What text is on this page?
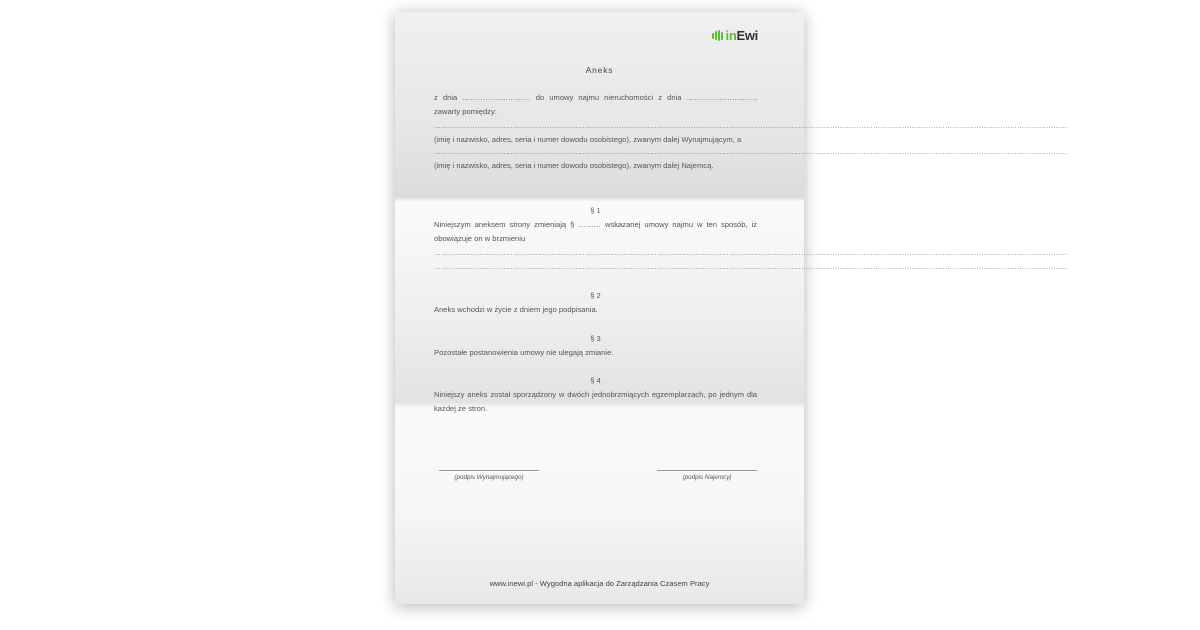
inEwi
Aneks
z dnia ……………………… do umowy najmu nieruchomości z dnia ………………………,
zawarty pomiędzy:
…………………………………………………………………………………………………………………………………………………………………………………………………………………………………………
(imię i nazwisko, adres, seria i numer dowodu osobistego), zwanym dalej Wynajmującym, a
…………………………………………………………………………………………………………………………………………………………………………………………………………………………………………
(imię i nazwisko, adres, seria i numer dowodu osobistego), zwanym dalej Najemcą.
§ 1
Niniejszym aneksem strony zmieniają § ……… wskazanej umowy najmu w ten sposób, iż
obowiązuje on w brzmieniu
…………………………………………………………………………………………………………………………………………………………………………………………………………………………………………
…………………………………………………………………………………………………………………………………………………………………………………………………………………………………………
§ 2
Aneks wchodzi w życie z dniem jego podpisania.
§ 3
Pozostałe postanowienia umowy nie ulegają zmianie.
§ 4
Niniejszy aneks został sporządzony w dwóch jednobrzmiących egzemplarzach, po jednym dla
każdej ze stron.
(podpis Wynajmującego)	(podpis Najemcy)
www.inewi.pl - Wygodna aplikacja do Zarządzania Czasem Pracy
